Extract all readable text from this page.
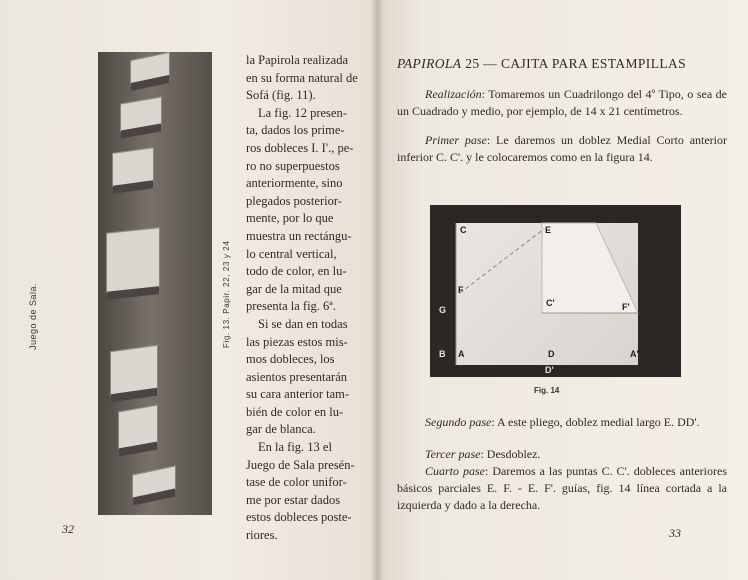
Juego de Sala.	Fig. 13. Papir. 22, 23 y 24

la Papirola realizada

en su forma natural de

Sofá (fig. 11).

La fig. 12 presen-

ta, dados los prime-

ros dobleces I. I'., pe-

ro no superpuestos

anteriormente, sino

plegados posterior-

mente, por lo que

muestra un rectángu-

lo central vertical,

todo de color, en lu-

gar de la mitad que

presenta la fig. 6ª.

Si se dan en todas

las piezas estos mis-

mos dobleces, los

asientos presentarán

su cara anterior tam-

bién de color en lu-

gar de blanca.

En la fig. 13 el

Juego de Sala presén-

tase de color unifor-

me por estar dados

estos dobleces poste-

riores.

32
PAPIROLA 25 — CAJITA PARA ESTAMPILLAS

Realización: Tomaremos un Cuadrilongo del 4º Tipo, o sea de un Cuadrado y medio, por ejemplo, de 14 x 21 centímetros.

Primer pase: Le daremos un doblez Medial Corto anterior inferior C. C'. y le colocaremos como en la figura 14.

C	E
F
G
C'	F'
B A	D	A'
D'
Fig. 14

Segundo pase: A este pliego, doblez medial largo E. DD'.

Tercer pase: Desdoblez.

Cuarto pase: Daremos a las puntas C. C'. dobleces anteriores básicos parciales E. F. - E. F'. guías, fig. 14 línea cortada a la izquierda y dado a la derecha.

33
